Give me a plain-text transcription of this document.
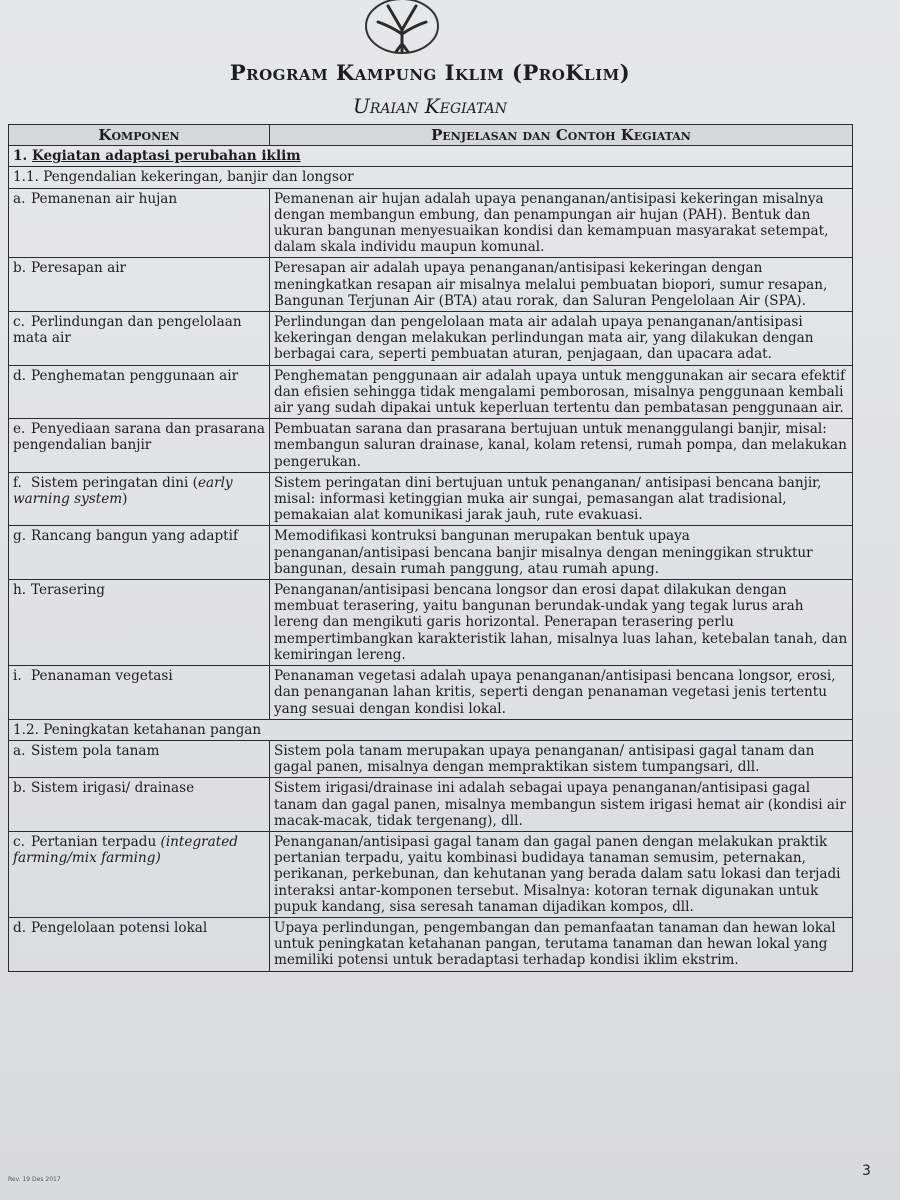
Program Kampung Iklim (ProKlim)
Uraian Kegiatan
Komponen	Penjelasan dan Contoh Kegiatan
1. Kegiatan adaptasi perubahan iklim	
1.1. Pengendalian kekeringan, banjir dan longsor	
a. Pemanenan air hujan	Pemanenan air hujan adalah upaya penanganan/antisipasi kekeringan misalnya dengan membangun embung, dan penampungan air hujan (PAH). Bentuk dan ukuran bangunan menyesuaikan kondisi dan kemampuan masyarakat setempat, dalam skala individu maupun komunal.
b. Peresapan air	Peresapan air adalah upaya penanganan/antisipasi kekeringan dengan meningkatkan resapan air misalnya melalui pembuatan biopori, sumur resapan, Bangunan Terjunan Air (BTA) atau rorak, dan Saluran Pengelolaan Air (SPA).
c. Perlindungan dan pengelolaan mata air	Perlindungan dan pengelolaan mata air adalah upaya penanganan/antisipasi kekeringan dengan melakukan perlindungan mata air, yang dilakukan dengan berbagai cara, seperti pembuatan aturan, penjagaan, dan upacara adat.
d. Penghematan penggunaan air	Penghematan penggunaan air adalah upaya untuk menggunakan air secara efektif dan efisien sehingga tidak mengalami pemborosan, misalnya penggunaan kembali air yang sudah dipakai untuk keperluan tertentu dan pembatasan penggunaan air.
e. Penyediaan sarana dan prasarana pengendalian banjir	Pembuatan sarana dan prasarana bertujuan untuk menanggulangi banjir, misal: membangun saluran drainase, kanal, kolam retensi, rumah pompa, dan melakukan pengerukan.
f. Sistem peringatan dini (early warning system)	Sistem peringatan dini bertujuan untuk penanganan/ antisipasi bencana banjir, misal: informasi ketinggian muka air sungai, pemasangan alat tradisional, pemakaian alat komunikasi jarak jauh, rute evakuasi.
g. Rancang bangun yang adaptif	Memodifikasi kontruksi bangunan merupakan bentuk upaya penanganan/antisipasi bencana banjir misalnya dengan meninggikan struktur bangunan, desain rumah panggung, atau rumah apung.
h. Terasering	Penanganan/antisipasi bencana longsor dan erosi dapat dilakukan dengan membuat terasering, yaitu bangunan berundak-undak yang tegak lurus arah lereng dan mengikuti garis horizontal. Penerapan terasering perlu mempertimbangkan karakteristik lahan, misalnya luas lahan, ketebalan tanah, dan kemiringan lereng.
i. Penanaman vegetasi	Penanaman vegetasi adalah upaya penanganan/antisipasi bencana longsor, erosi, dan penanganan lahan kritis, seperti dengan penanaman vegetasi jenis tertentu yang sesuai dengan kondisi lokal.
1.2. Peningkatan ketahanan pangan	
a. Sistem pola tanam	Sistem pola tanam merupakan upaya penanganan/ antisipasi gagal tanam dan gagal panen, misalnya dengan mempraktikan sistem tumpangsari, dll.
b. Sistem irigasi/ drainase	Sistem irigasi/drainase ini adalah sebagai upaya penanganan/antisipasi gagal tanam dan gagal panen, misalnya membangun sistem irigasi hemat air (kondisi air macak-macak, tidak tergenang), dll.
c. Pertanian terpadu (integrated farming/mix farming)	Penanganan/antisipasi gagal tanam dan gagal panen dengan melakukan praktik pertanian terpadu, yaitu kombinasi budidaya tanaman semusim, peternakan, perikanan, perkebunan, dan kehutanan yang berada dalam satu lokasi dan terjadi interaksi antar-komponen tersebut. Misalnya: kotoran ternak digunakan untuk pupuk kandang, sisa seresah tanaman dijadikan kompos, dll.
d. Pengelolaan potensi lokal	Upaya perlindungan, pengembangan dan pemanfaatan tanaman dan hewan lokal untuk peningkatan ketahanan pangan, terutama tanaman dan hewan lokal yang memiliki potensi untuk beradaptasi terhadap kondisi iklim ekstrim.
3
Rev. 19 Des 2017
